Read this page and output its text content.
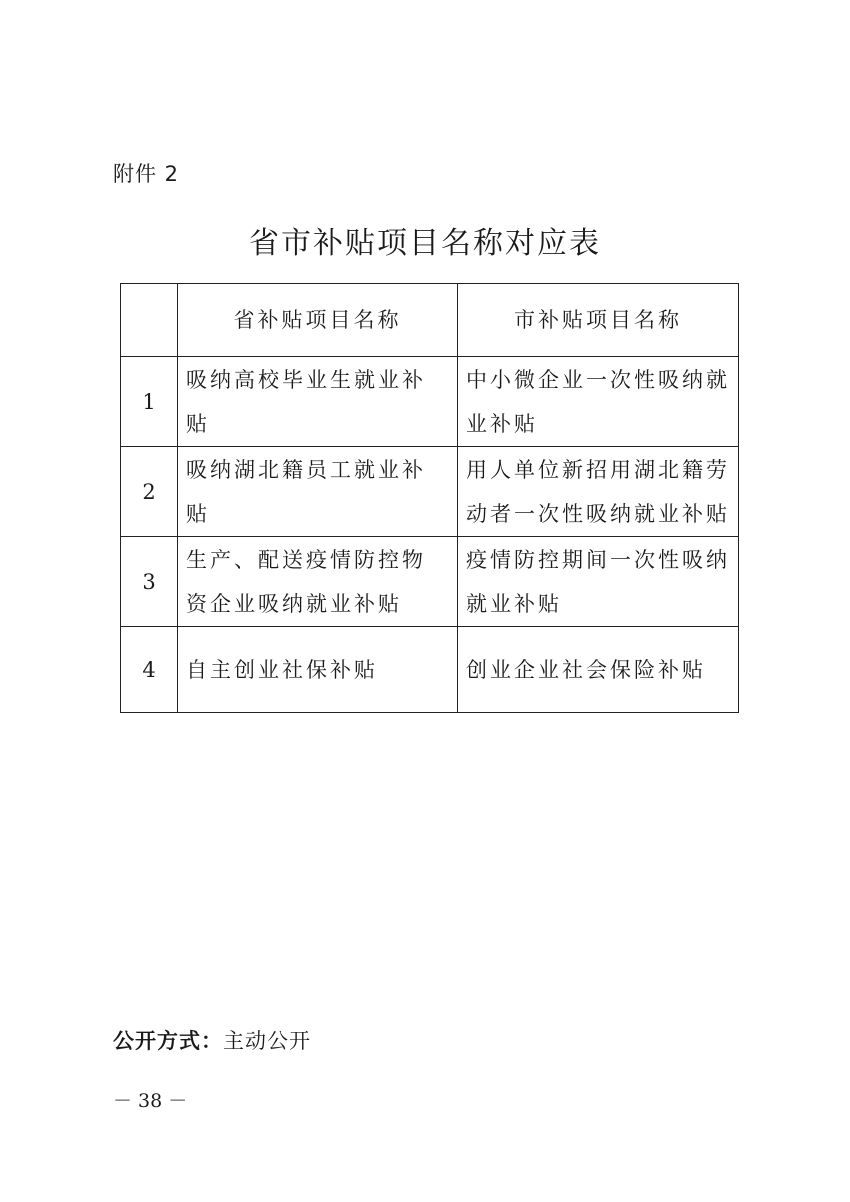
附件 2
省市补贴项目名称对应表
	省补贴项目名称	市补贴项目名称
1	吸纳高校毕业生就业补贴	中小微企业一次性吸纳就业补贴
2	吸纳湖北籍员工就业补贴	用人单位新招用湖北籍劳动者一次性吸纳就业补贴
3	生产、配送疫情防控物资企业吸纳就业补贴	疫情防控期间一次性吸纳就业补贴
4	自主创业社保补贴	创业企业社会保险补贴
公开方式：主动公开
－ 38 －
